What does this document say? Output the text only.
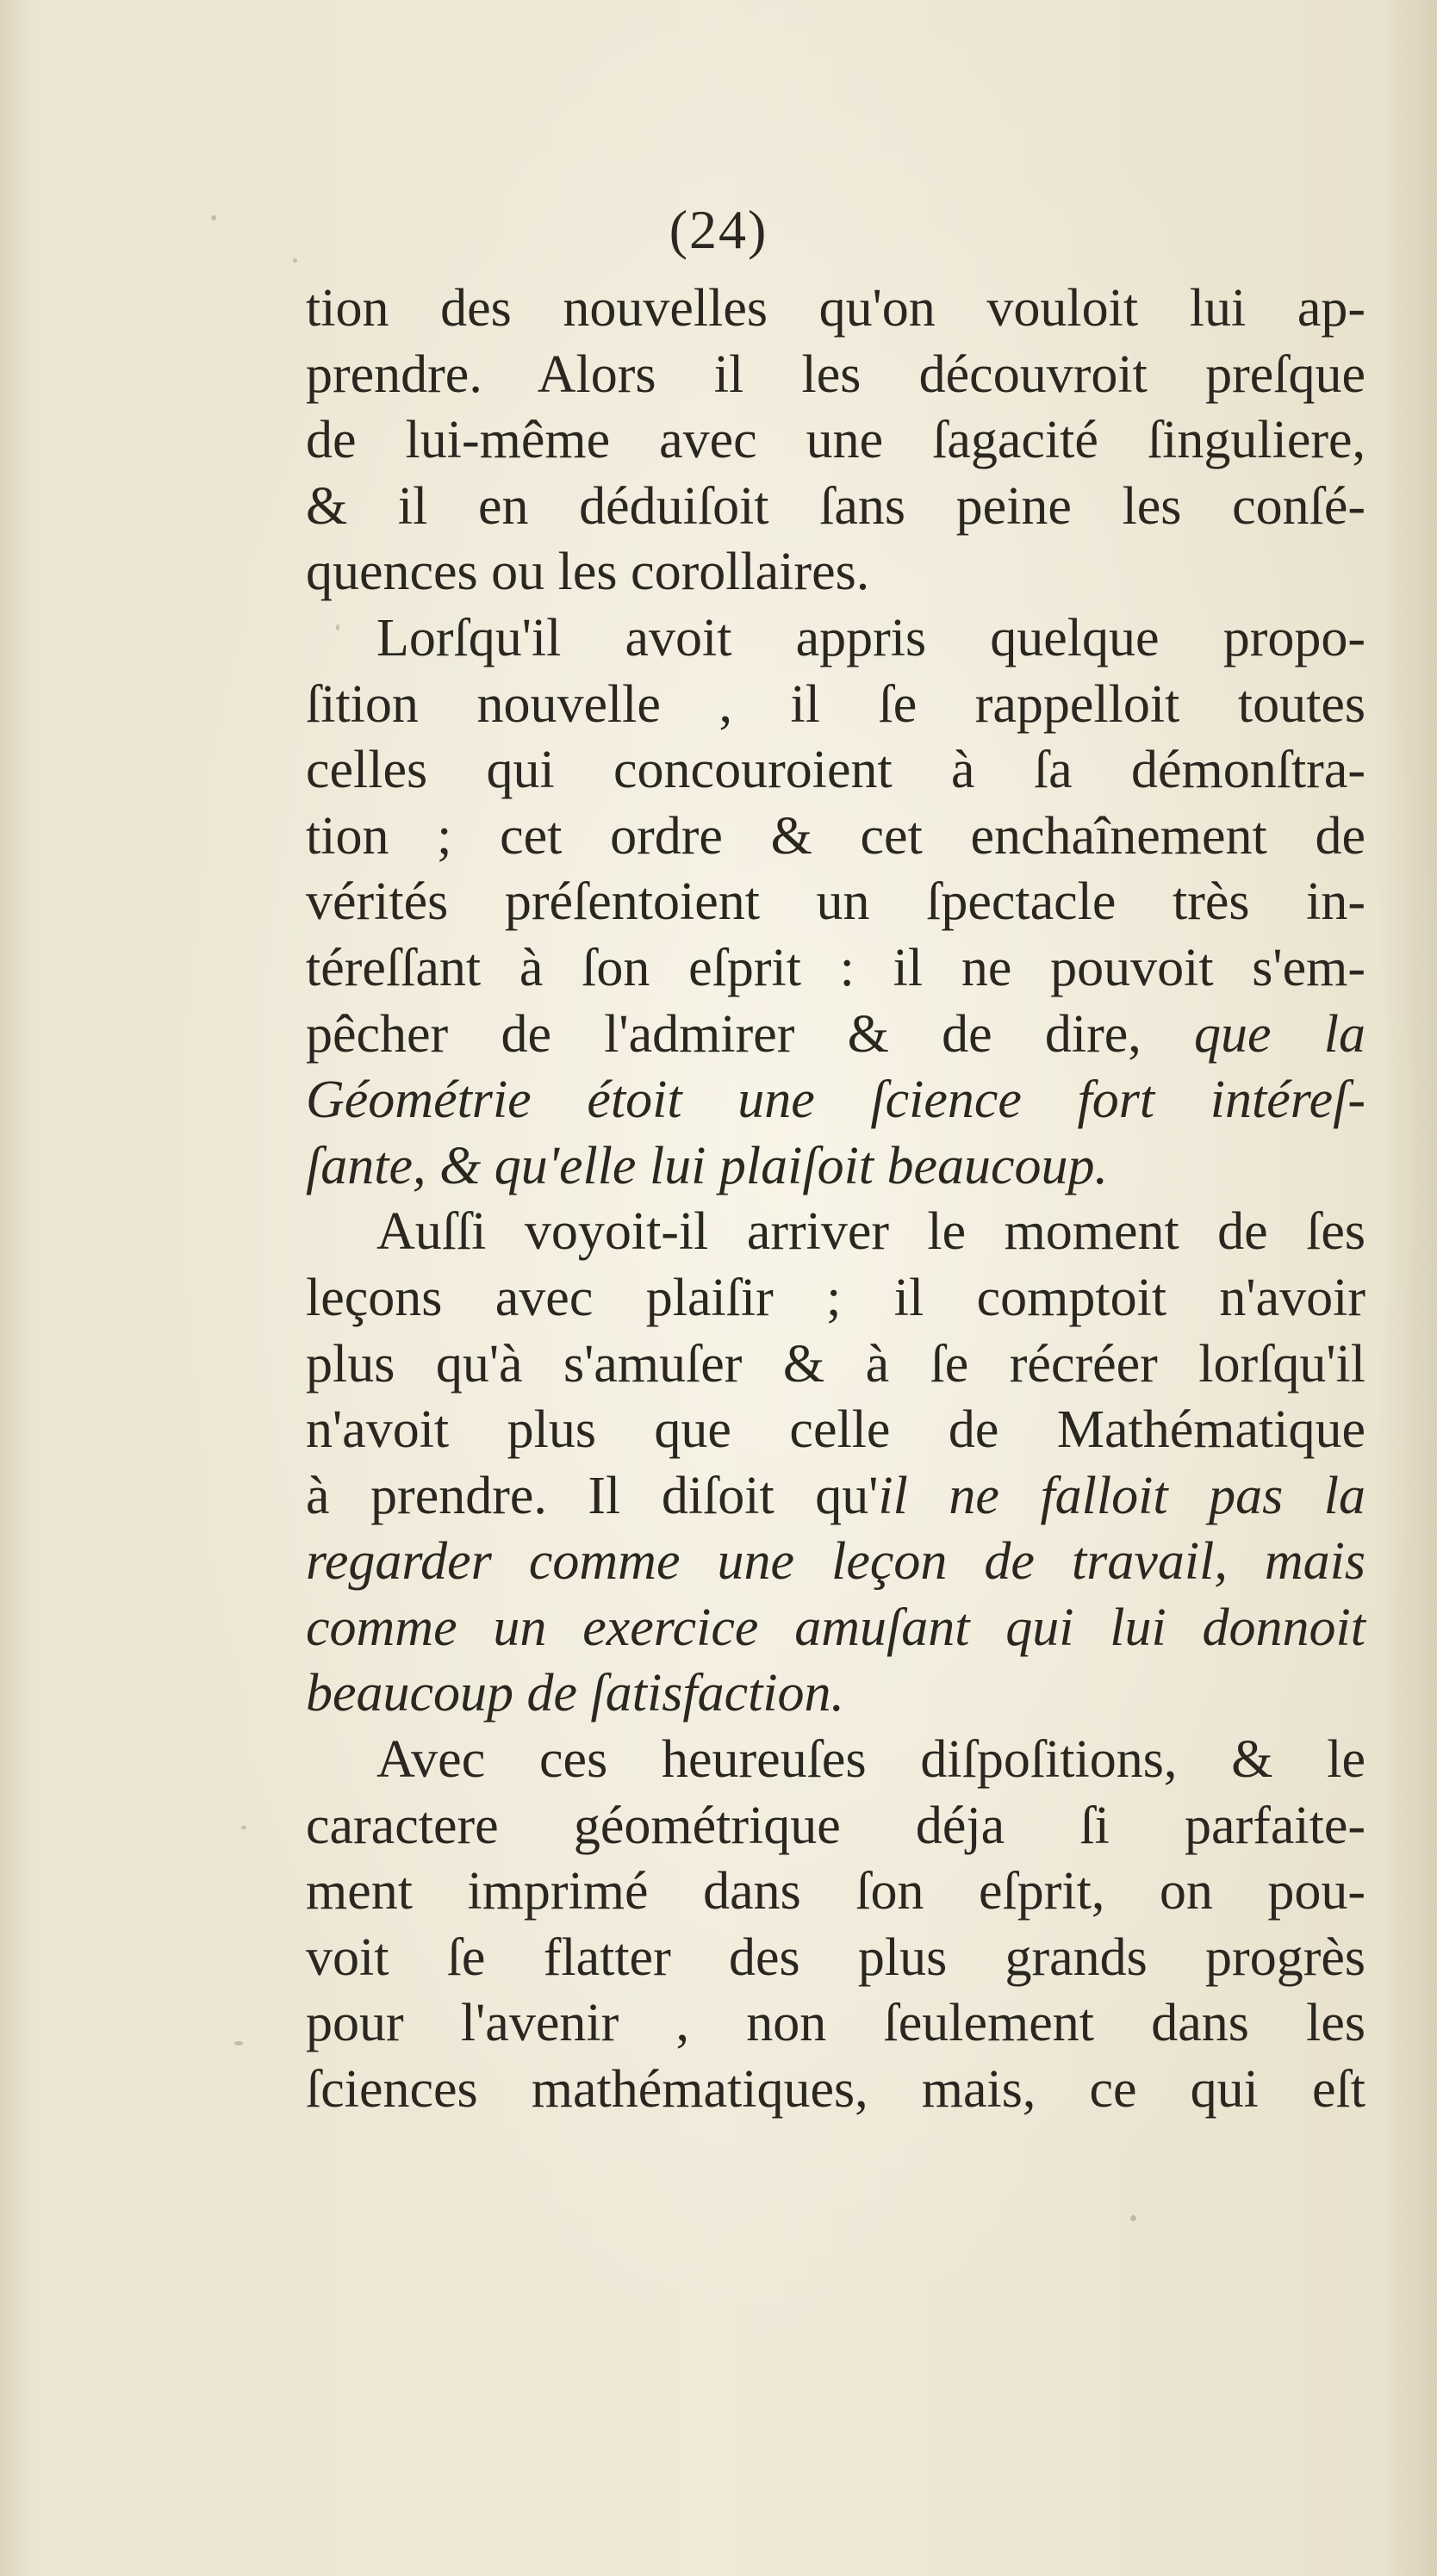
(24)
tion des nouvelles qu'on vouloit lui ap-
prendre. Alors il les découvroit preſque
de lui-même avec une ſagacité ſinguliere,
& il en déduiſoit ſans peine les conſé-
quences ou les corollaires.
Lorſqu'il avoit appris quelque propo-
ſition nouvelle , il ſe rappelloit toutes
celles qui concouroient à ſa démonſtra-
tion ; cet ordre & cet enchaînement de
vérités préſentoient un ſpectacle très in-
téreſſant à ſon eſprit : il ne pouvoit s'em-
pêcher de l'admirer & de dire, que la
Géométrie étoit une ſcience fort intéreſ-
ſante, & qu'elle lui plaiſoit beaucoup.
Auſſi voyoit-il arriver le moment de ſes
leçons avec plaiſir ; il comptoit n'avoir
plus qu'à s'amuſer & à ſe récréer lorſqu'il
n'avoit plus que celle de Mathématique
à prendre. Il diſoit qu'il ne falloit pas la
regarder comme une leçon de travail, mais
comme un exercice amuſant qui lui donnoit
beaucoup de ſatisfaction.
Avec ces heureuſes diſpoſitions, & le
caractere géométrique déja ſi parfaite-
ment imprimé dans ſon eſprit, on pou-
voit ſe flatter des plus grands progrès
pour l'avenir , non ſeulement dans les
ſciences mathématiques, mais, ce qui eſt
